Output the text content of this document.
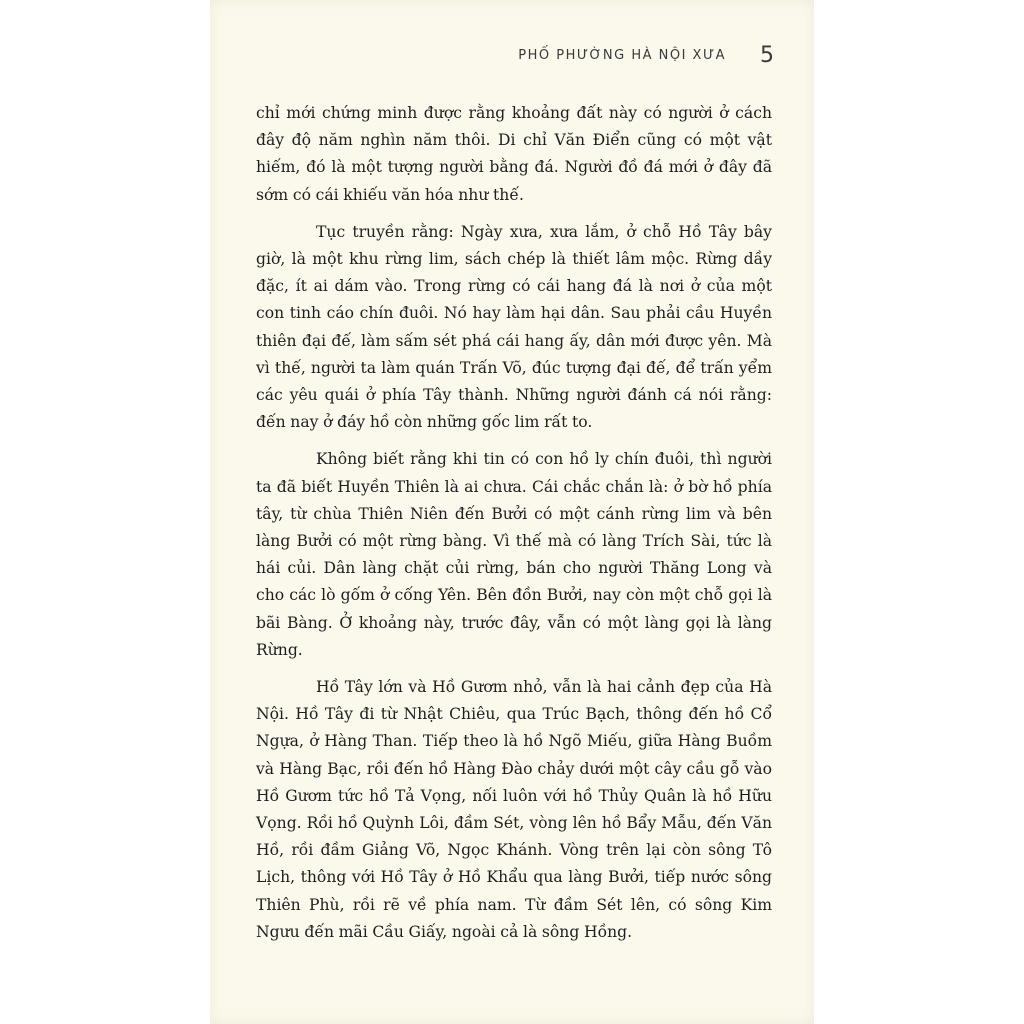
PHỐ PHƯỜNG HÀ NỘI XƯA 5

chỉ mới chứng minh được rằng khoảng đất này có người ở cách đây độ năm nghìn năm thôi. Di chỉ Văn Điển cũng có một vật hiếm, đó là một tượng người bằng đá. Người đồ đá mới ở đây đã sớm có cái khiếu văn hóa như thế.

Tục truyền rằng: Ngày xưa, xưa lắm, ở chỗ Hồ Tây bây giờ, là một khu rừng lim, sách chép là thiết lâm mộc. Rừng dầy đặc, ít ai dám vào. Trong rừng có cái hang đá là nơi ở của một con tinh cáo chín đuôi. Nó hay làm hại dân. Sau phải cầu Huyền thiên đại đế, làm sấm sét phá cái hang ấy, dân mới được yên. Mà vì thế, người ta làm quán Trấn Võ, đúc tượng đại đế, để trấn yểm các yêu quái ở phía Tây thành. Những người đánh cá nói rằng: đến nay ở đáy hồ còn những gốc lim rất to.

Không biết rằng khi tin có con hồ ly chín đuôi, thì người ta đã biết Huyền Thiên là ai chưa. Cái chắc chắn là: ở bờ hồ phía tây, từ chùa Thiên Niên đến Bưởi có một cánh rừng lim và bên làng Bưởi có một rừng bàng. Vì thế mà có làng Trích Sài, tức là hái củi. Dân làng chặt củi rừng, bán cho người Thăng Long và cho các lò gốm ở cống Yên. Bên đồn Bưởi, nay còn một chỗ gọi là bãi Bàng. Ở khoảng này, trước đây, vẫn có một làng gọi là làng Rừng.

Hồ Tây lớn và Hồ Gươm nhỏ, vẫn là hai cảnh đẹp của Hà Nội. Hồ Tây đi từ Nhật Chiêu, qua Trúc Bạch, thông đến hồ Cổ Ngựa, ở Hàng Than. Tiếp theo là hồ Ngõ Miếu, giữa Hàng Buồm và Hàng Bạc, rồi đến hồ Hàng Đào chảy dưới một cây cầu gỗ vào Hồ Gươm tức hồ Tả Vọng, nối luôn với hồ Thủy Quân là hồ Hữu Vọng. Rồi hồ Quỳnh Lôi, đầm Sét, vòng lên hồ Bẩy Mẫu, đến Văn Hồ, rồi đầm Giảng Võ, Ngọc Khánh. Vòng trên lại còn sông Tô Lịch, thông với Hồ Tây ở Hồ Khẩu qua làng Bưởi, tiếp nước sông Thiên Phù, rồi rẽ về phía nam. Từ đầm Sét lên, có sông Kim Ngưu đến mãi Cầu Giấy, ngoài cả là sông Hồng.
